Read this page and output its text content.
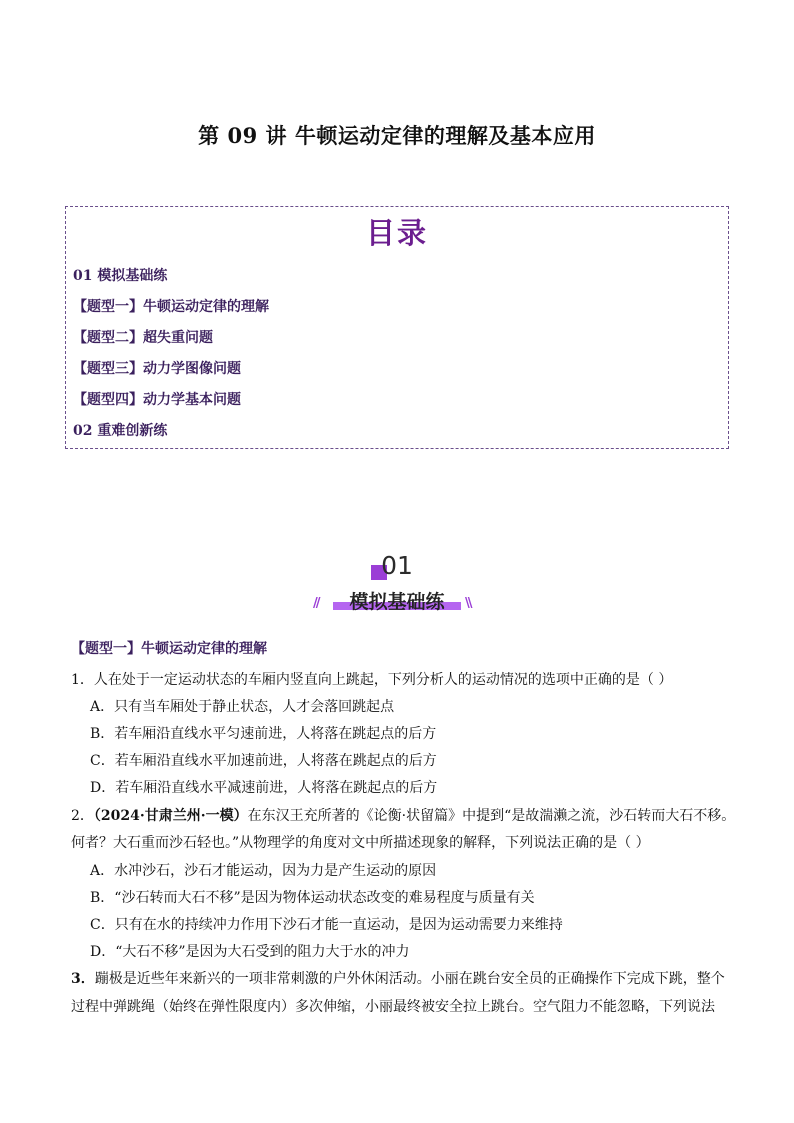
第 09 讲 牛顿运动定律的理解及基本应用
目录
01 模拟基础练
【题型一】牛顿运动定律的理解
【题型二】超失重问题
【题型三】动力学图像问题
【题型四】动力学基本问题
02 重难创新练
01
模拟基础练
//	\\
【题型一】牛顿运动定律的理解
1．人在处于一定运动状态的车厢内竖直向上跳起，下列分析人的运动情况的选项中正确的是（ ）
A．只有当车厢处于静止状态，人才会落回跳起点
B．若车厢沿直线水平匀速前进，人将落在跳起点的后方
C．若车厢沿直线水平加速前进，人将落在跳起点的后方
D．若车厢沿直线水平减速前进，人将落在跳起点的后方
2．（2024·甘肃兰州·一模）在东汉王充所著的《论衡·状留篇》中提到“是故湍濑之流，沙石转而大石不移。
何者？大石重而沙石轻也。”从物理学的角度对文中所描述现象的解释，下列说法正确的是（ ）
A．水冲沙石，沙石才能运动，因为力是产生运动的原因
B．“沙石转而大石不移”是因为物体运动状态改变的难易程度与质量有关
C．只有在水的持续冲力作用下沙石才能一直运动，是因为运动需要力来维持
D．“大石不移”是因为大石受到的阻力大于水的冲力
3．蹦极是近些年来新兴的一项非常刺激的户外休闲活动。小丽在跳台安全员的正确操作下完成下跳，整个
过程中弹跳绳（始终在弹性限度内）多次伸缩，小丽最终被安全拉上跳台。空气阻力不能忽略，下列说法
